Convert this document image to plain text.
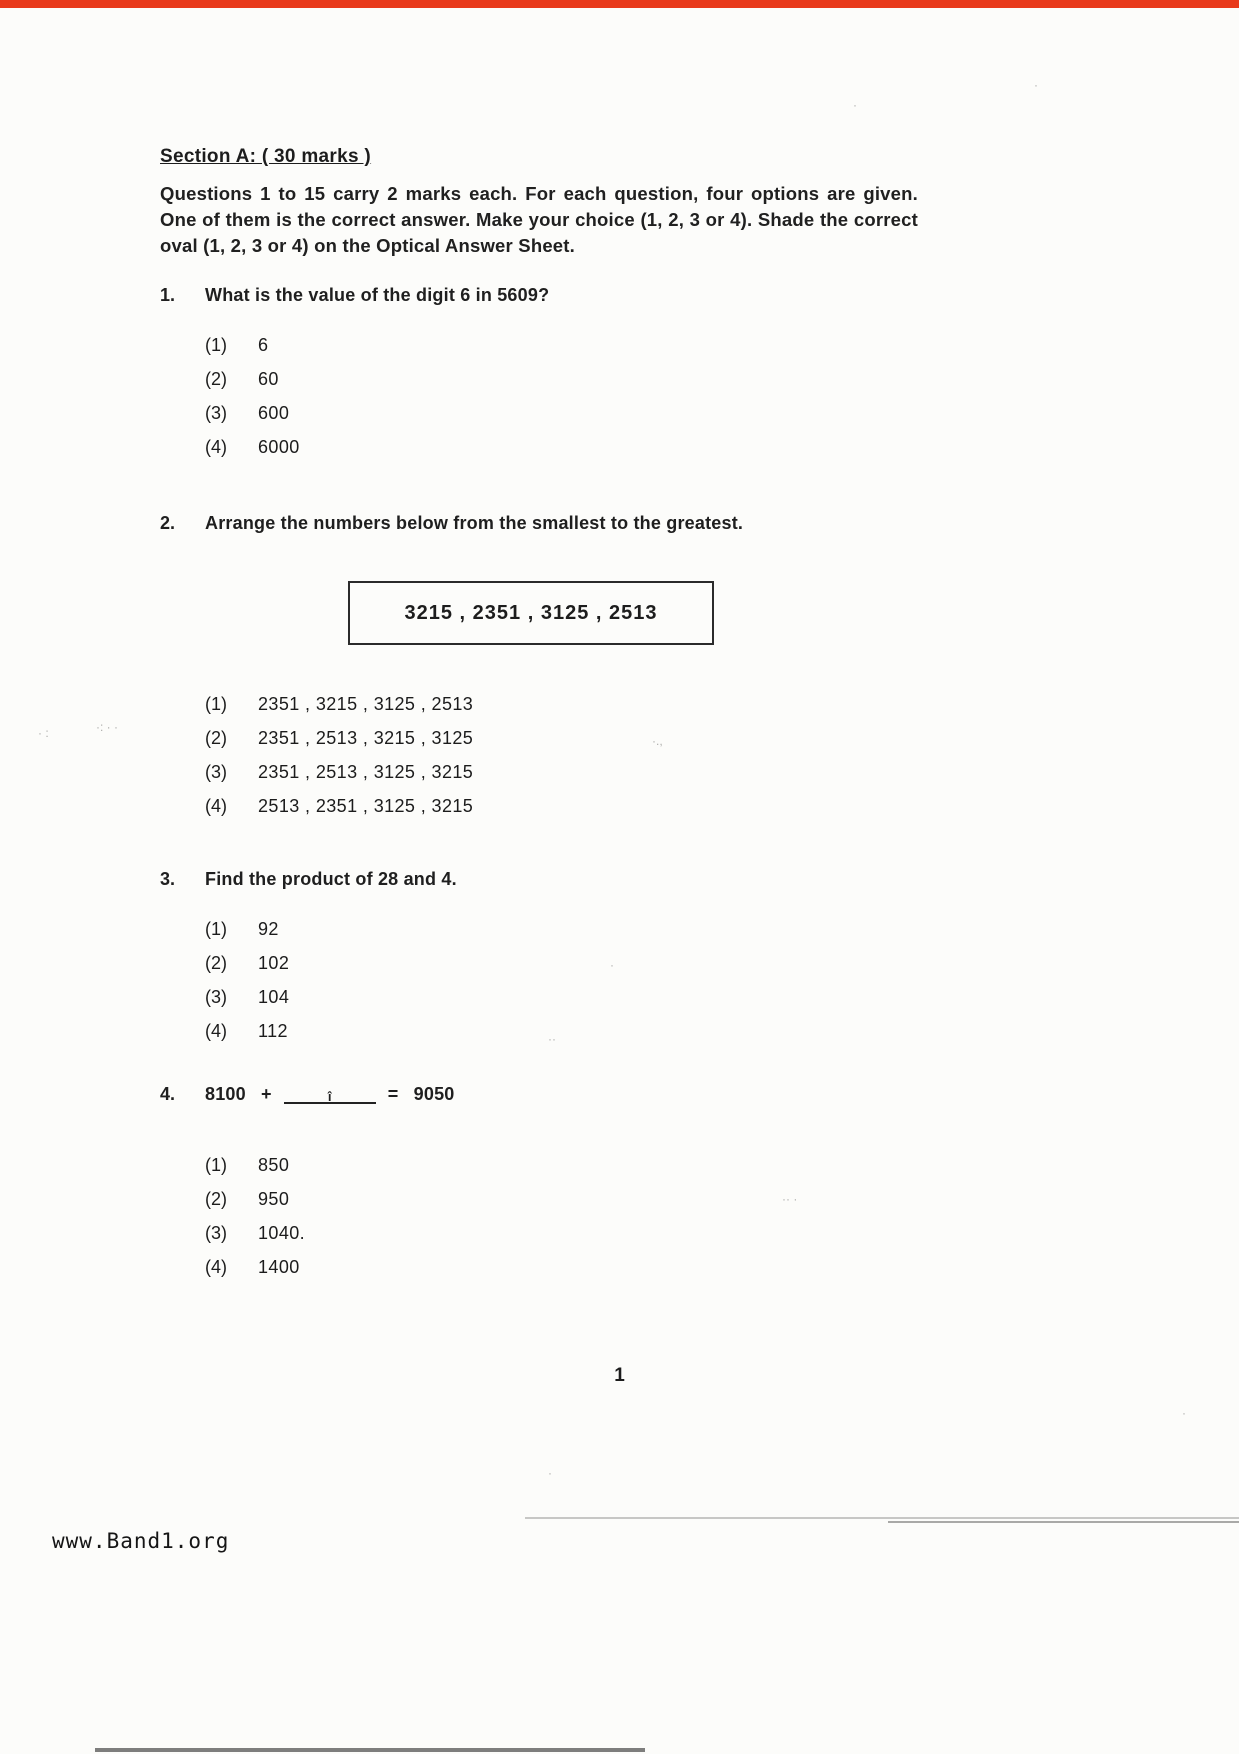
Section A: ( 30 marks )
Questions 1 to 15 carry 2 marks each. For each question, four options are given. One of them is the correct answer. Make your choice (1, 2, 3 or 4). Shade the correct oval (1, 2, 3 or 4) on the Optical Answer Sheet.
1. What is the value of the digit 6 in 5609?
(1) 6
(2) 60
(3) 600
(4) 6000
2. Arrange the numbers below from the smallest to the greatest.
3215 , 2351 , 3125 , 2513
(1) 2351 , 3215 , 3125 , 2513
(2) 2351 , 2513 , 3215 , 3125
(3) 2351 , 2513 , 3125 , 3215
(4) 2513 , 2351 , 3125 , 3215
3. Find the product of 28 and 4.
(1) 92
(2) 102
(3) 104
(4) 112
4. 8100 +	î	= 9050
(1) 850
(2) 950
(3) 1040.
(4) 1400
1
www.Band1.org
· :	·: · ·
·.,
·
··
·· ·
·
·
·
·
